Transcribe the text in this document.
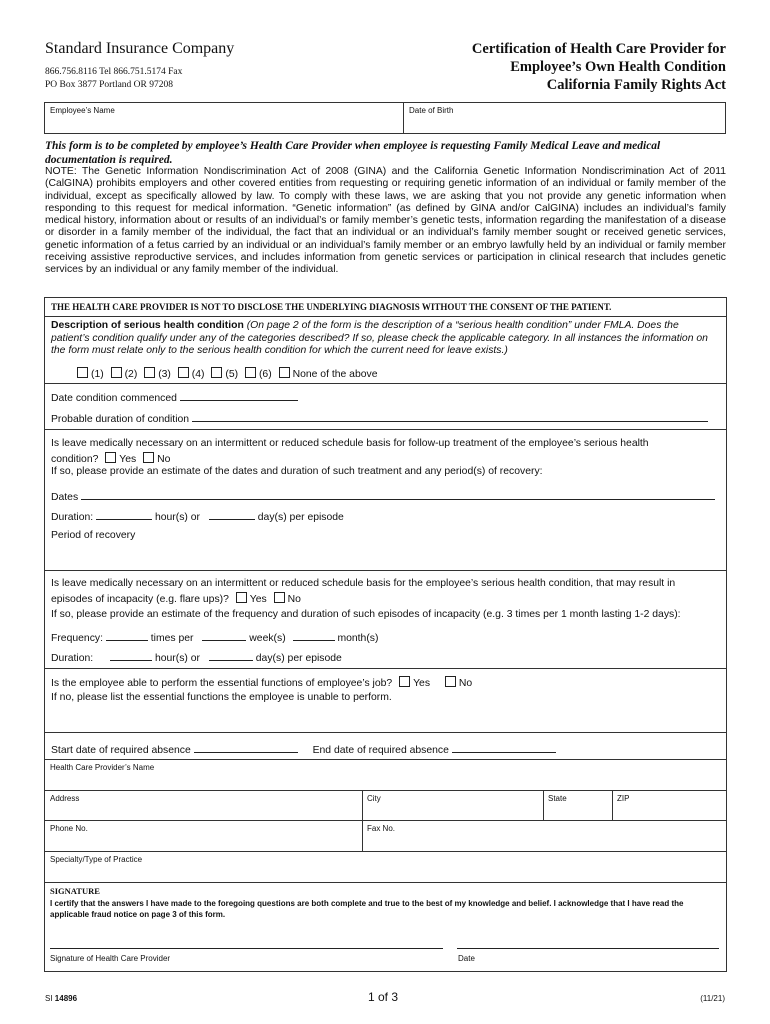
Standard Insurance Company
866.756.8116 Tel 866.751.5174 Fax
PO Box 3877 Portland OR 97208
Certification of Health Care Provider for
Employee’s Own Health Condition
California Family Rights Act
Employee’s Name	Date of Birth
This form is to be completed by employee’s Health Care Provider when employee is requesting Family Medical Leave and medical documentation is required.
NOTE: The Genetic Information Nondiscrimination Act of 2008 (GINA) and the California Genetic Information Nondiscrimination Act of 2011 (CalGINA) prohibits employers and other covered entities from requesting or requiring genetic information of an individual or family member of the individual, except as specifically allowed by law. To comply with these laws, we are asking that you not provide any genetic information when responding to this request for medical information. “Genetic information” (as defined by GINA and/or CalGINA) includes an individual’s family medical history, information about or results of an individual’s or family member’s genetic tests, information regarding the manifestation of a disease or disorder in a family member of the individual, the fact that an individual or an individual’s family member sought or received genetic services, genetic information of a fetus carried by an individual or an individual’s family member or an embryo lawfully held by an individual or family member receiving assistive reproductive services, and includes information from genetic services or participation in clinical research that includes genetic services by an individual or any family member of the individual.
THE HEALTH CARE PROVIDER IS NOT TO DISCLOSE THE UNDERLYING DIAGNOSIS WITHOUT THE CONSENT OF THE PATIENT.
Description of serious health condition (On page 2 of the form is the description of a “serious health condition” under FMLA. Does the patient’s condition qualify under any of the categories described? If so, please check the applicable category. In all instances the information on the form must relate only to the serious health condition for which the current need for leave exists.)
(1) (2) (3) (4) (5) (6) None of the above
Date condition commenced
Probable duration of condition
Is leave medically necessary on an intermittent or reduced schedule basis for follow-up treatment of the employee’s serious health
condition? Yes No
If so, please provide an estimate of the dates and duration of such treatment and any period(s) of recovery:
Dates
Duration:	hour(s) or	day(s) per episode
Period of recovery
Is leave medically necessary on an intermittent or reduced schedule basis for the employee’s serious health condition, that may result in
episodes of incapacity (e.g. flare ups)? Yes No
If so, please provide an estimate of the frequency and duration of such episodes of incapacity (e.g. 3 times per 1 month lasting 1-2 days):
Frequency:	times per	week(s)	month(s)
Duration:	hour(s) or	day(s) per episode
Is the employee able to perform the essential functions of employee’s job? Yes	No
If no, please list the essential functions the employee is unable to perform.
Start date of required absence	End date of required absence
Health Care Provider’s Name
Address	City	State	ZIP
Phone No.	Fax No.
Specialty/Type of Practice
SIGNATURE
I certify that the answers I have made to the foregoing questions are both complete and true to the best of my knowledge and belief. I acknowledge that I have read the applicable fraud notice on page 3 of this form.
Signature of Health Care Provider	Date
SI 14896	1 of 3	(11/21)
